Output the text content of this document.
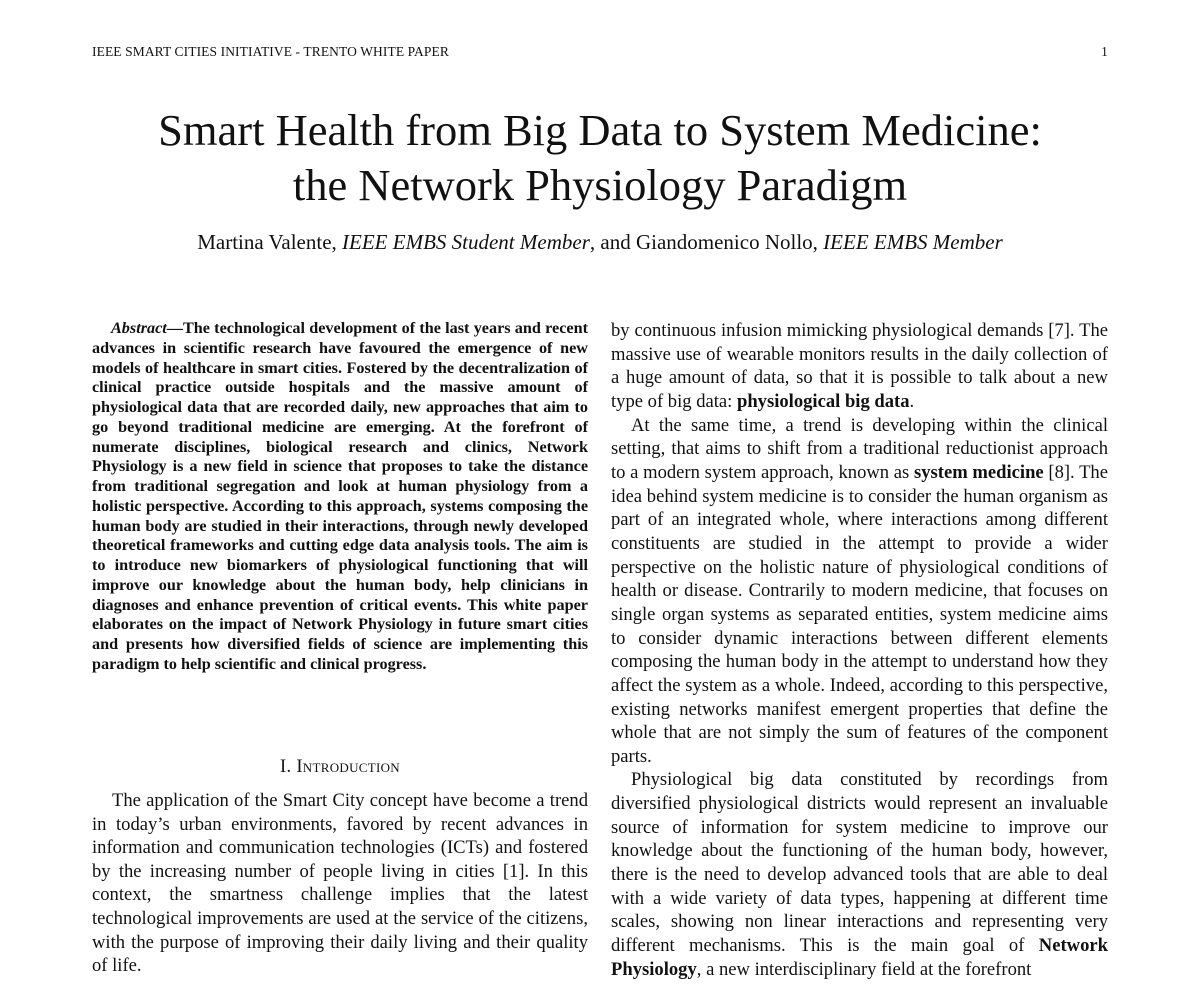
IEEE SMART CITIES INITIATIVE - TRENTO WHITE PAPER	1
Smart Health from Big Data to System Medicine:
the Network Physiology Paradigm
Martina Valente, IEEE EMBS Student Member, and Giandomenico Nollo, IEEE EMBS Member

Abstract—The technological development of the last years and recent advances in scientific research have favoured the emergence of new models of healthcare in smart cities. Fostered by the decentralization of clinical practice outside hospitals and the massive amount of physiological data that are recorded daily, new approaches that aim to go beyond traditional medicine are emerging. At the forefront of numerate disciplines, biological research and clinics, Network Physiology is a new field in science that proposes to take the distance from traditional segregation and look at human physiology from a holistic perspective. According to this approach, systems composing the human body are studied in their interactions, through newly developed theoretical frameworks and cutting edge data analysis tools. The aim is to introduce new biomarkers of physiological functioning that will improve our knowledge about the human body, help clinicians in diagnoses and enhance prevention of critical events. This white paper elaborates on the impact of Network Physiology in future smart cities and presents how diversified fields of science are implementing this paradigm to help scientific and clinical progress.

I. Introduction

The application of the Smart City concept have become a trend in today’s urban environments, favored by recent advances in information and communication technologies (ICTs) and fostered by the increasing number of people living in cities [1]. In this context, the smartness challenge implies that the latest technological improvements are used at the service of the citizens, with the purpose of improving their daily living and their quality of life.

by continuous infusion mimicking physiological demands [7]. The massive use of wearable monitors results in the daily collection of a huge amount of data, so that it is possible to talk about a new type of big data: physiological big data.

At the same time, a trend is developing within the clinical setting, that aims to shift from a traditional reductionist approach to a modern system approach, known as system medicine [8]. The idea behind system medicine is to consider the human organism as part of an integrated whole, where interactions among different constituents are studied in the attempt to provide a wider perspective on the holistic nature of physiological conditions of health or disease. Contrarily to modern medicine, that focuses on single organ systems as separated entities, system medicine aims to consider dynamic interactions between different elements composing the human body in the attempt to understand how they affect the system as a whole. Indeed, according to this perspective, existing networks manifest emergent properties that define the whole that are not simply the sum of features of the component parts.

Physiological big data constituted by recordings from diversified physiological districts would represent an invaluable source of information for system medicine to improve our knowledge about the functioning of the human body, however, there is the need to develop advanced tools that are able to deal with a wide variety of data types, happening at different time scales, showing non linear interactions and representing very different mechanisms. This is the main goal of Network Physiology, a new interdisciplinary field at the forefront
